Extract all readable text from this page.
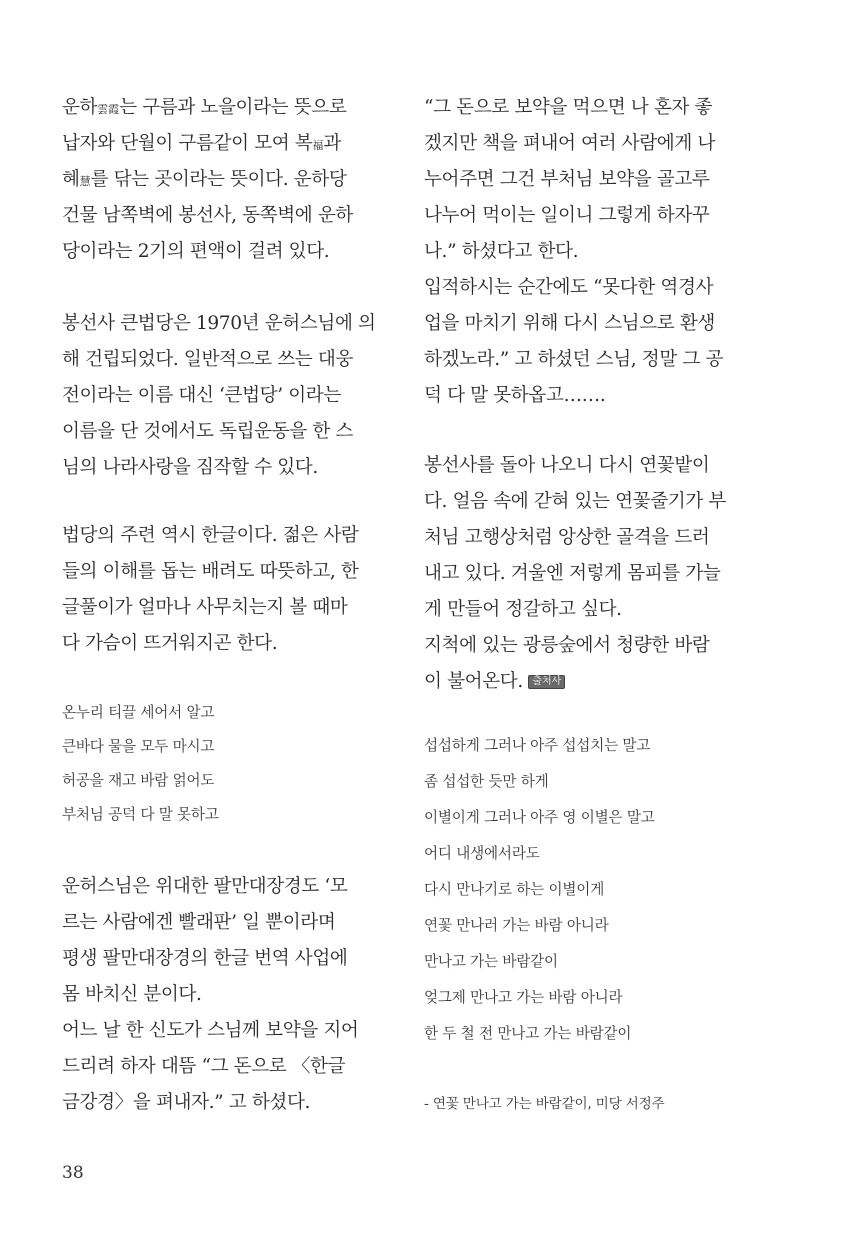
운하雲霞는 구름과 노을이라는 뜻으로
납자와 단월이 구름같이 모여 복福과
혜慧를 닦는 곳이라는 뜻이다. 운하당
건물 남쪽벽에 봉선사, 동쪽벽에 운하
당이라는 2기의 편액이 걸려 있다.
봉선사 큰법당은 1970년 운허스님에 의
해 건립되었다. 일반적으로 쓰는 대웅
전이라는 이름 대신 ‘큰법당’ 이라는
이름을 단 것에서도 독립운동을 한 스
님의 나라사랑을 짐작할 수 있다.
법당의 주련 역시 한글이다. 젊은 사람
들의 이해를 돕는 배려도 따뜻하고, 한
글풀이가 얼마나 사무치는지 볼 때마
다 가슴이 뜨거워지곤 한다.
온누리 티끌 세어서 알고
큰바다 물을 모두 마시고
허공을 재고 바람 얽어도
부처님 공덕 다 말 못하고
운허스님은 위대한 팔만대장경도 ‘모
르는 사람에겐 빨래판’ 일 뿐이라며
평생 팔만대장경의 한글 번역 사업에
몸 바치신 분이다.
어느 날 한 신도가 스님께 보약을 지어
드리려 하자 대뜸 “그 돈으로 〈한글
금강경〉을 펴내자.” 고 하셨다.
“그 돈으로 보약을 먹으면 나 혼자 좋
겠지만 책을 펴내어 여러 사람에게 나
누어주면 그건 부처님 보약을 골고루
나누어 먹이는 일이니 그렇게 하자꾸
나.” 하셨다고 한다.
입적하시는 순간에도 “못다한 역경사
업을 마치기 위해 다시 스님으로 환생
하겠노라.” 고 하셨던 스님, 정말 그 공
덕 다 말 못하옵고…….
봉선사를 돌아 나오니 다시 연꽃밭이
다. 얼음 속에 갇혀 있는 연꽃줄기가 부
처님 고행상처럼 앙상한 골격을 드러
내고 있다. 겨울엔 저렇게 몸피를 가늘
게 만들어 정갈하고 싶다.
지척에 있는 광릉숲에서 청량한 바람
이 불어온다. 출처사
섭섭하게 그러나 아주 섭섭치는 말고
좀 섭섭한 듯만 하게
이별이게 그러나 아주 영 이별은 말고
어디 내생에서라도
다시 만나기로 하는 이별이게
연꽃 만나러 가는 바람 아니라
만나고 가는 바람같이
엊그제 만나고 가는 바람 아니라
한 두 철 전 만나고 가는 바람같이
- 연꽃 만나고 가는 바람같이, 미당 서정주
38
